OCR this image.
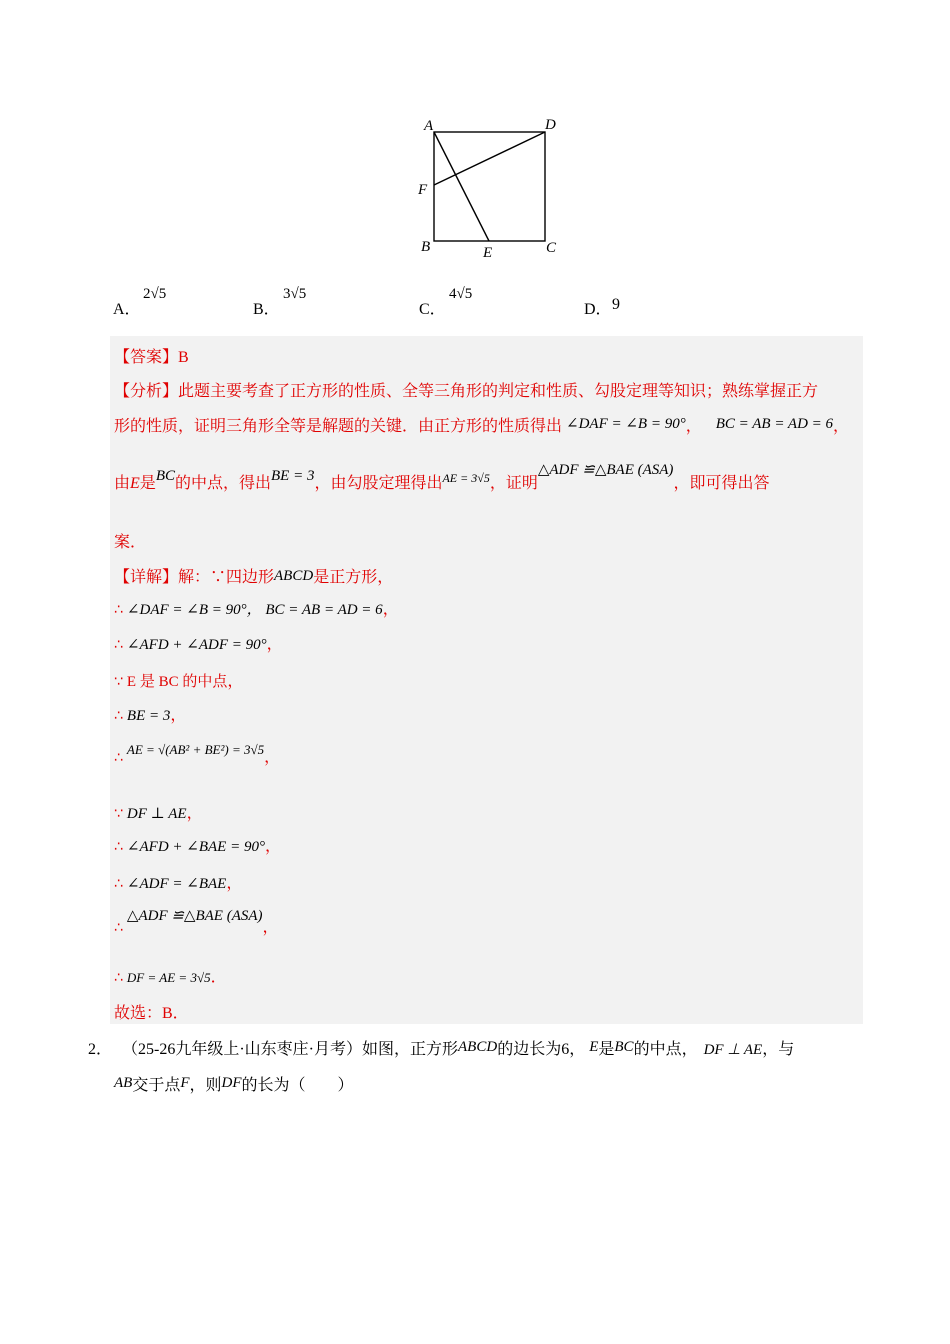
A	D
F
B	E	C
A．
2√5
B．
3√5
C．
4√5
D． 9
【答案】B
【分析】此题主要考查了正方形的性质、全等三角形的判定和性质、勾股定理等知识；熟练掌握正方
形的性质，证明三角形全等是解题的关键．由正方形的性质得出 ∠DAF = ∠B = 90°， BC = AB = AD = 6，
由E是BC的中点，得出BE = 3，由勾股定理得出$^{AE = 3√5}$，证明△ADF ≌△BAE (ASA)，即可得出答
案．
【详解】解：∵四边形ABCD是正方形，
∴ ∠DAF = ∠B = 90°， BC = AB = AD = 6，
∴ ∠AFD + ∠ADF = 90°，
∵ E 是 BC 的中点，
∴ BE = 3，
∴ $^{AE = √(AB^2 + BE^2) = 3√5}$，
∵ DF ⊥ AE，
∴ ∠AFD + ∠BAE = 90°，
∴ ∠ADF = ∠BAE，
∴ △ADF ≌△BAE (ASA)，
∴ DF = AE = 3√5．
故选：B．
2． （25-26九年级上·山东枣庄·月考）如图，正方形ABCD的边长为6， E是BC的中点， DF ⊥ AE，与
AB交于点F，则DF的长为（　　）
